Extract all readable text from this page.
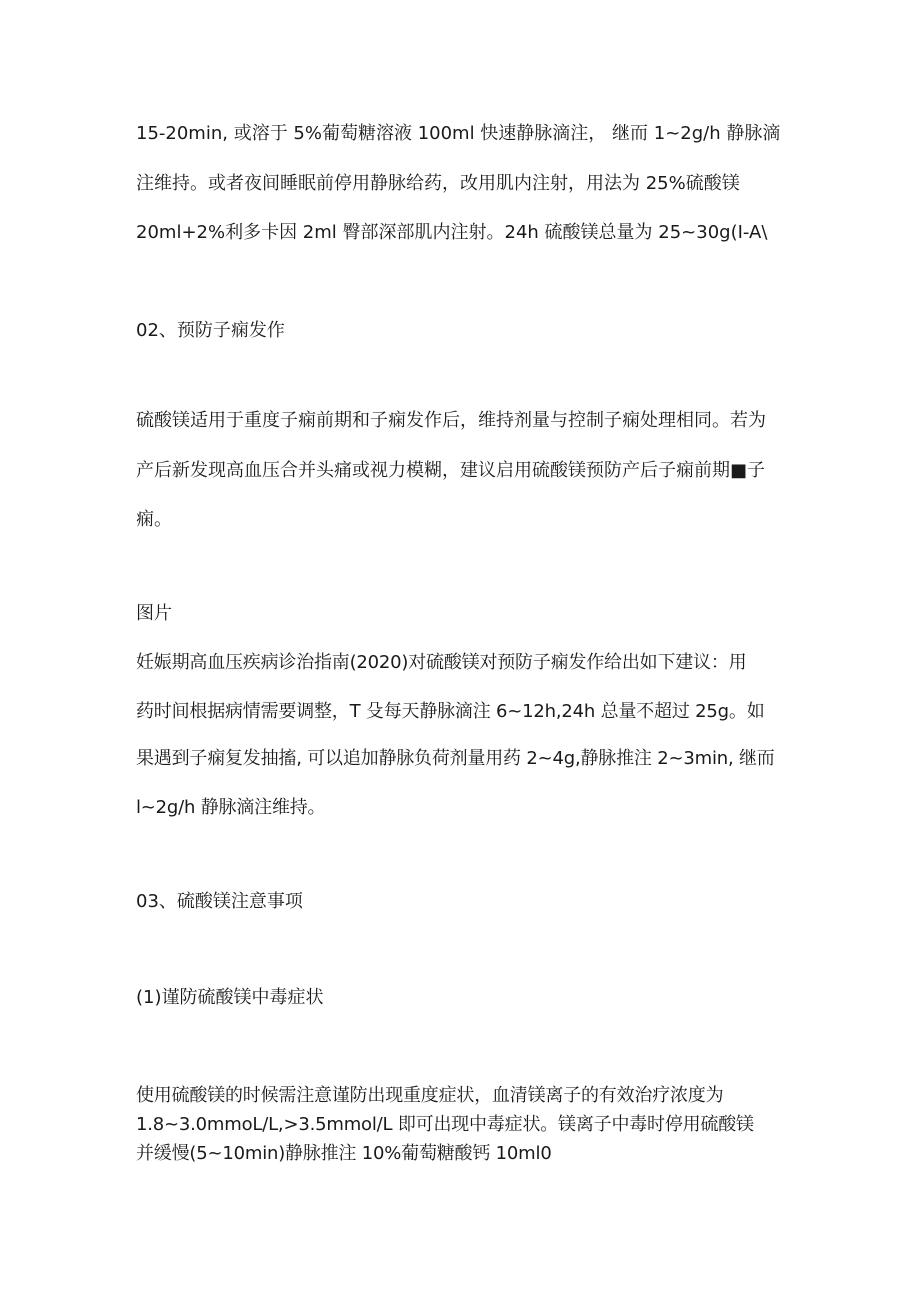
15-20min, 或溶于 5%葡萄糖溶液 100ml 快速静脉滴注， 继而 1~2g/h 静脉滴
注维持。或者夜间睡眠前停用静脉给药，改用肌内注射，用法为 25%硫酸镁
20ml+2%利多卡因 2ml 臀部深部肌内注射。24h 硫酸镁总量为 25~30g(I-A\
02、预防子痫发作
硫酸镁适用于重度子痫前期和子痫发作后，维持剂量与控制子痫处理相同。若为
产后新发现高血压合并头痛或视力模糊，建议启用硫酸镁预防产后子痫前期■子
痫。
图片
妊娠期高血压疾病诊治指南(2020)对硫酸镁对预防子痫发作给出如下建议：用
药时间根据病情需要调整，T 殳每天静脉滴注 6~12h,24h 总量不超过 25g。如
果遇到子痫复发抽搐, 可以追加静脉负荷剂量用药 2~4g,静脉推注 2~3min, 继而
l~2g/h 静脉滴注维持。
03、硫酸镁注意事项
(1)谨防硫酸镁中毒症状
使用硫酸镁的时候需注意谨防出现重度症状，血清镁离子的有效治疗浓度为
1.8~3.0mmoL/L,>3.5mmol/L 即可出现中毒症状。镁离子中毒时停用硫酸镁
并缓慢(5~10min)静脉推注 10%葡萄糖酸钙 10ml0
